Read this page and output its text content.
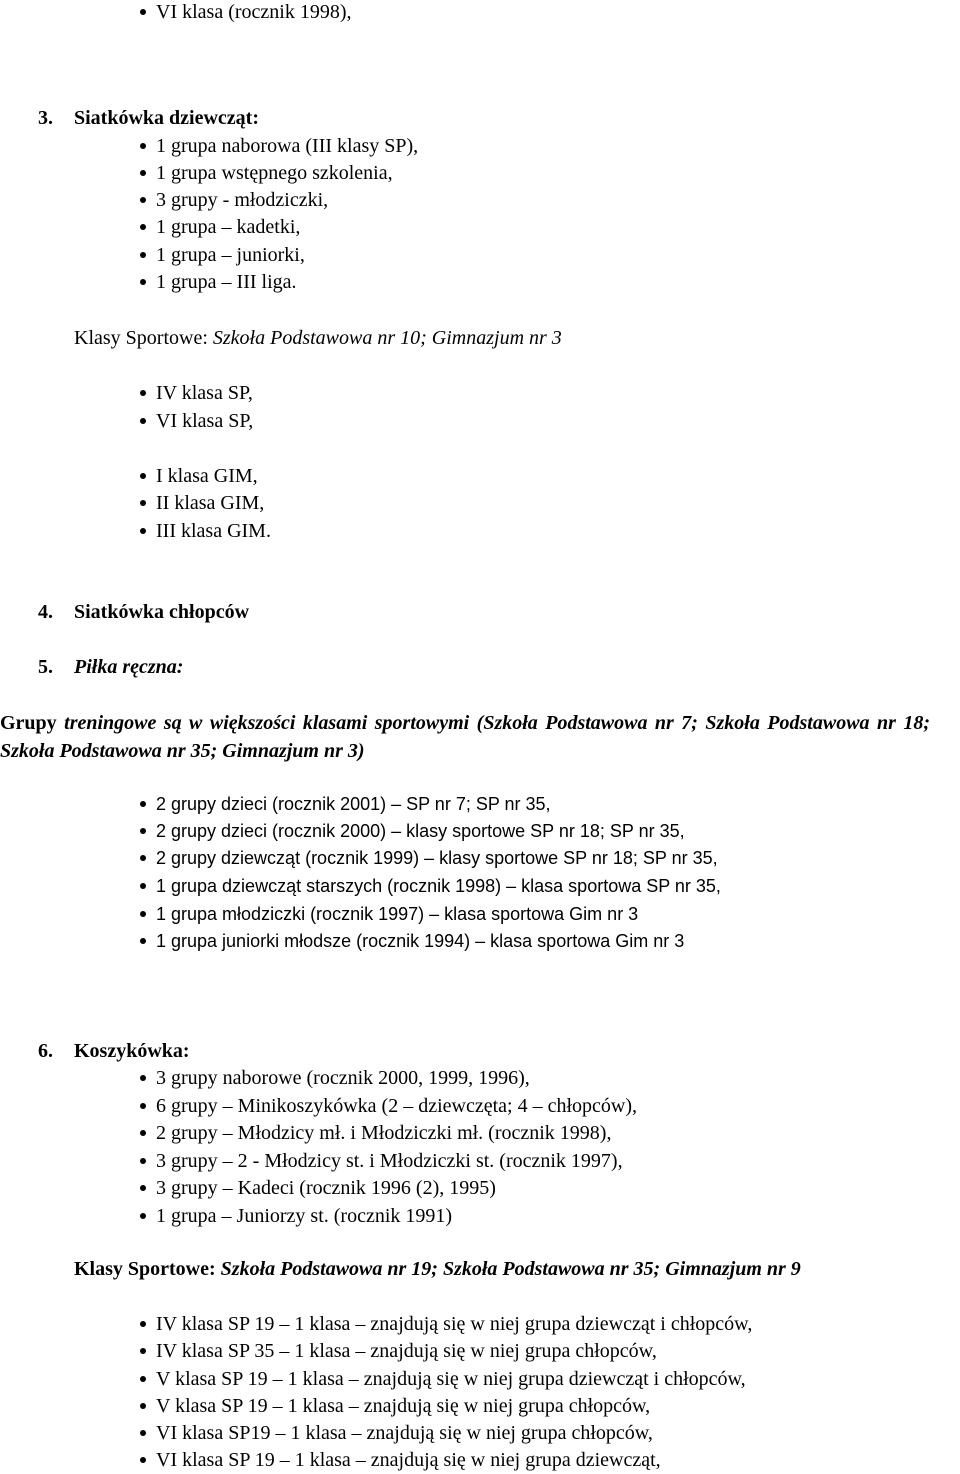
VI klasa (rocznik 1998),
3. Siatkówka dziewcząt:
1 grupa naborowa (III klasy SP),
1 grupa wstępnego szkolenia,
3 grupy - młodziczki,
1 grupa – kadetki,
1 grupa – juniorki,
1 grupa – III liga.
Klasy Sportowe: Szkoła Podstawowa nr 10; Gimnazjum nr 3
IV klasa SP,
VI klasa SP,
I klasa GIM,
II klasa GIM,
III klasa GIM.
4. Siatkówka chłopców
5. Piłka ręczna:
Grupy treningowe są w większości klasami sportowymi (Szkoła Podstawowa nr 7; Szkoła Podstawowa nr 18; Szkoła Podstawowa nr 35; Gimnazjum nr 3)
2 grupy dzieci (rocznik 2001) – SP nr 7; SP nr 35,
2 grupy dzieci (rocznik 2000) – klasy sportowe SP nr 18; SP nr 35,
2 grupy dziewcząt (rocznik 1999) – klasy sportowe SP nr 18; SP nr 35,
1 grupa dziewcząt starszych (rocznik 1998) – klasa sportowa SP nr 35,
1 grupa młodziczki (rocznik 1997) – klasa sportowa Gim nr 3
1 grupa juniorki młodsze (rocznik 1994) – klasa sportowa Gim nr 3
6. Koszykówka:
3 grupy naborowe (rocznik 2000, 1999, 1996),
6 grupy – Minikoszykówka (2 – dziewczęta; 4 – chłopców),
2 grupy – Młodzicy mł. i Młodziczki mł. (rocznik 1998),
3 grupy – 2 - Młodzicy st. i Młodziczki st. (rocznik 1997),
3 grupy – Kadeci (rocznik 1996 (2), 1995)
1 grupa – Juniorzy st. (rocznik 1991)
Klasy Sportowe: Szkoła Podstawowa nr 19; Szkoła Podstawowa nr 35; Gimnazjum nr 9
IV klasa SP 19 – 1 klasa – znajdują się w niej grupa dziewcząt i chłopców,
IV klasa SP 35 – 1 klasa – znajdują się w niej grupa chłopców,
V klasa SP 19 – 1 klasa – znajdują się w niej grupa dziewcząt i chłopców,
V klasa SP 19 – 1 klasa – znajdują się w niej grupa chłopców,
VI klasa SP19 – 1 klasa – znajdują się w niej grupa chłopców,
VI klasa SP 19 – 1 klasa – znajdują się w niej grupa dziewcząt,
